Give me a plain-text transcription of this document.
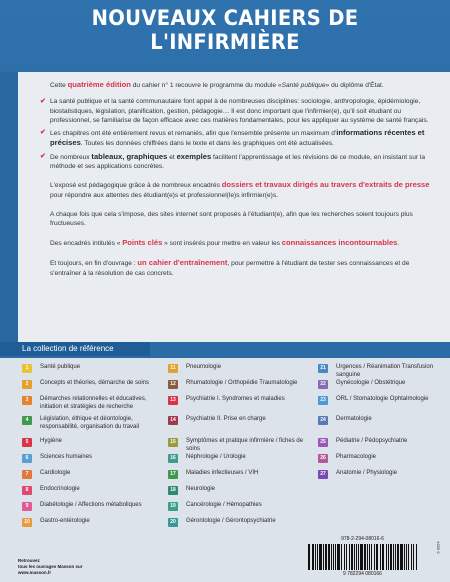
NOUVEAUX CAHIERS DE L'INFIRMIÈRE

Cette quatrième édition du cahier n° 1 recouvre le programme du module «Santé publique» du diplôme d'État.

✔ La santé publique et la santé communautaire font appel à de nombreuses disciplines: sociologie, anthropologie, épidémiologie, biostatistiques, législation, planification, gestion, pédagogie… Il est donc important que l'infirmier(e), qu'il soit étudiant ou professionnel, se familiarise de façon efficace avec ces matières fondamentales, pour les appliquer au système de santé français.

✔ Les chapitres ont été entièrement revus et remaniés, afin que l'ensemble présente un maximum d'informations récentes et précises. Toutes les données chiffrées dans le texte et dans les graphiques ont été actualisées.

✔ De nombreux tableaux, graphiques et exemples facilitent l'apprentissage et les révisions de ce module, en insistant sur la méthode et ses applications concrètes.

L'exposé est pédagogique grâce à de nombreux encadrés dossiers et travaux dirigés au travers d'extraits de presse pour répondre aux attentes des étudiant(e)s et professionnel(le)s infirmier(e)s.

A chaque fois que cela s'impose, des sites internet sont proposés à l'étudiant(e), afin que les recherches soient toujours plus fructueuses.

Des encadrés intitulés « Points clés » sont insérés pour mettre en valeur les connaissances incontournables.

Et toujours, en fin d'ouvrage : un cahier d'entraînement, pour permettre à l'étudiant de tester ses connaissances et de s'entraîner à la résolution de cas concrets.

La collection de référence
1	Santé publique
2	Concepts et théories, démarche de soins
3	Démarches relationnelles et éducatives, initiation et stratégies de recherche
4	Législation, éthique et déontologie, responsabilité, organisation du travail
5	Hygiène
6	Sciences humaines
7	Cardiologie
8	Endocrinologie
9	Diabétologie / Affections métaboliques
10	Gastro-entérologie
11	Pneumologie
12	Rhumatologie / Orthopédie Traumatologie
13	Psychiatrie I. Syndromes et maladies
14	Psychiatrie II. Prise en charge
15	Symptômes et pratique infirmière / fiches de soins
16	Néphrologie / Urologie
17	Maladies infectieuses / VIH
18	Neurologie
19	Cancérologie / Hémopathies
20	Gérontologie / Gérontopsychiatrie
21	Urgences / Réanimation Transfusion sanguine
22	Gynécologie / Obstétrique
23	ORL / Stomatologie Ophtalmologie
24	Dermatologie
25	Pédiatrie / Pédopsychiatrie
26	Pharmacologie
27	Anatomie / Physiologie
Retrouvez
tous les ouvrages Masson sur
www.masson.fr
978-2-294-08016-6
9 782294 080166
6 0024
